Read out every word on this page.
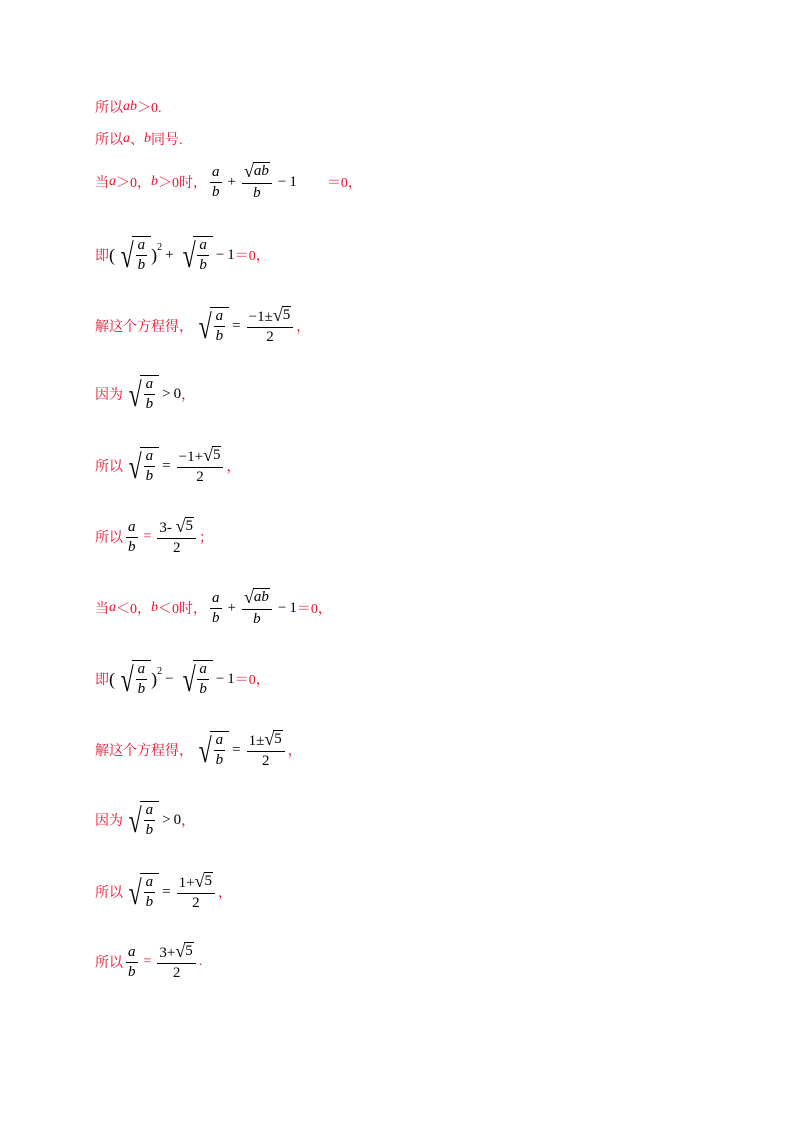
所以 ab ＞0.
所以 a 、 b 同号.
当 a ＞0， b ＞0时， $\frac{a}{b} + \frac{√ ab}{b} - 1 =0$，
即 ( √ $\frac{a}{b}$ ) 2 + √ $\frac{a}{b} - 1 =0$，
解这个方程得， √ $\frac{a}{b} = \frac{-1\pm √ 5}{2}$ ，
因为 √ $\frac{a}{b} > 0$ ，
所以 √ $\frac{a}{b} = \frac{-1+ √ 5}{2}$ ，
所以 $\frac{a}{b} = \frac{3- √ 5}{2}$ ；
当 a ＜0， b ＜0时， $\frac{a}{b} + \frac{√ ab}{b} - 1 =0$，
即 ( √ $\frac{a}{b}$ ) 2 − √ $\frac{a}{b} - 1 =0$，
解这个方程得， √ $\frac{a}{b} = \frac{1\pm √ 5}{2}$ ，
因为 √ $\frac{a}{b} > 0$ ，
所以 √ $\frac{a}{b} = \frac{1+ √ 5}{2}$ ，
所以 $\frac{a}{b} = \frac{3+ √ 5}{2}$ .
